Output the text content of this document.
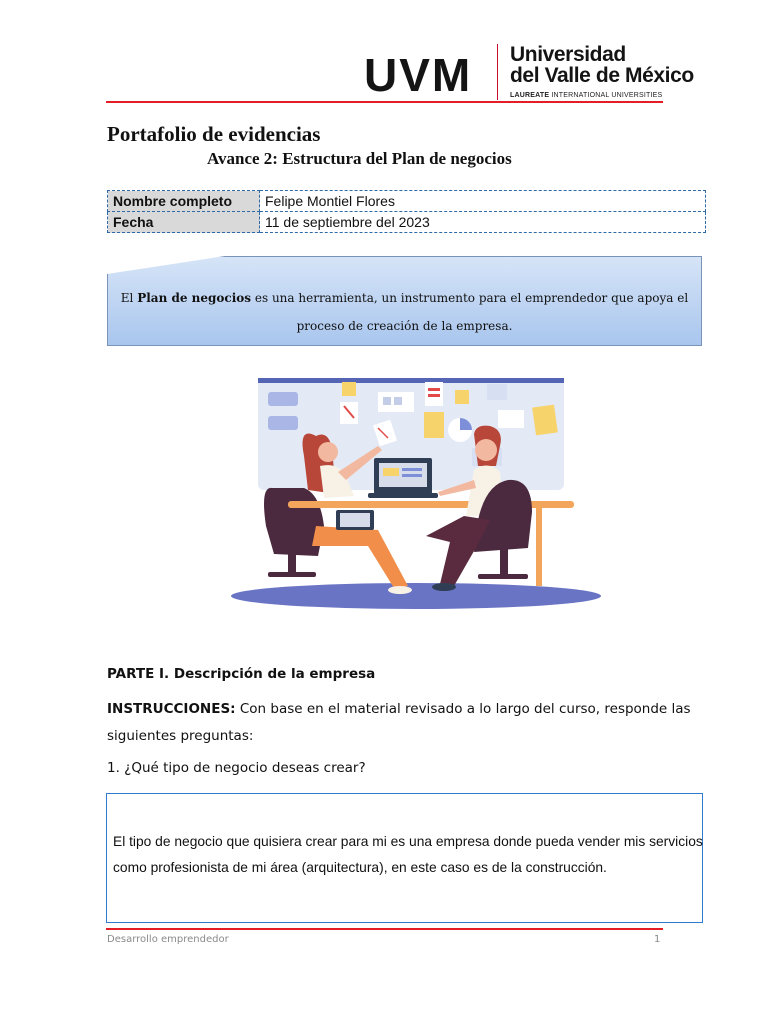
UVM Universidad
del Valle de México
LAUREATE INTERNATIONAL UNIVERSITIES
Portafolio de evidencias
Avance 2: Estructura del Plan de negocios
Nombre completo	Felipe Montiel Flores
Fecha	11 de septiembre del 2023
El Plan de negocios es una herramienta, un instrumento para el emprendedor que apoya el proceso de creación de la empresa.
PARTE I. Descripción de la empresa
INSTRUCCIONES: Con base en el material revisado a lo largo del curso, responde las siguientes preguntas:
1. ¿Qué tipo de negocio deseas crear?
El tipo de negocio que quisiera crear para mi es una empresa donde pueda vender mis servicios como profesionista de mi área (arquitectura), en este caso es de la construcción.
Desarrollo emprendedor	1
